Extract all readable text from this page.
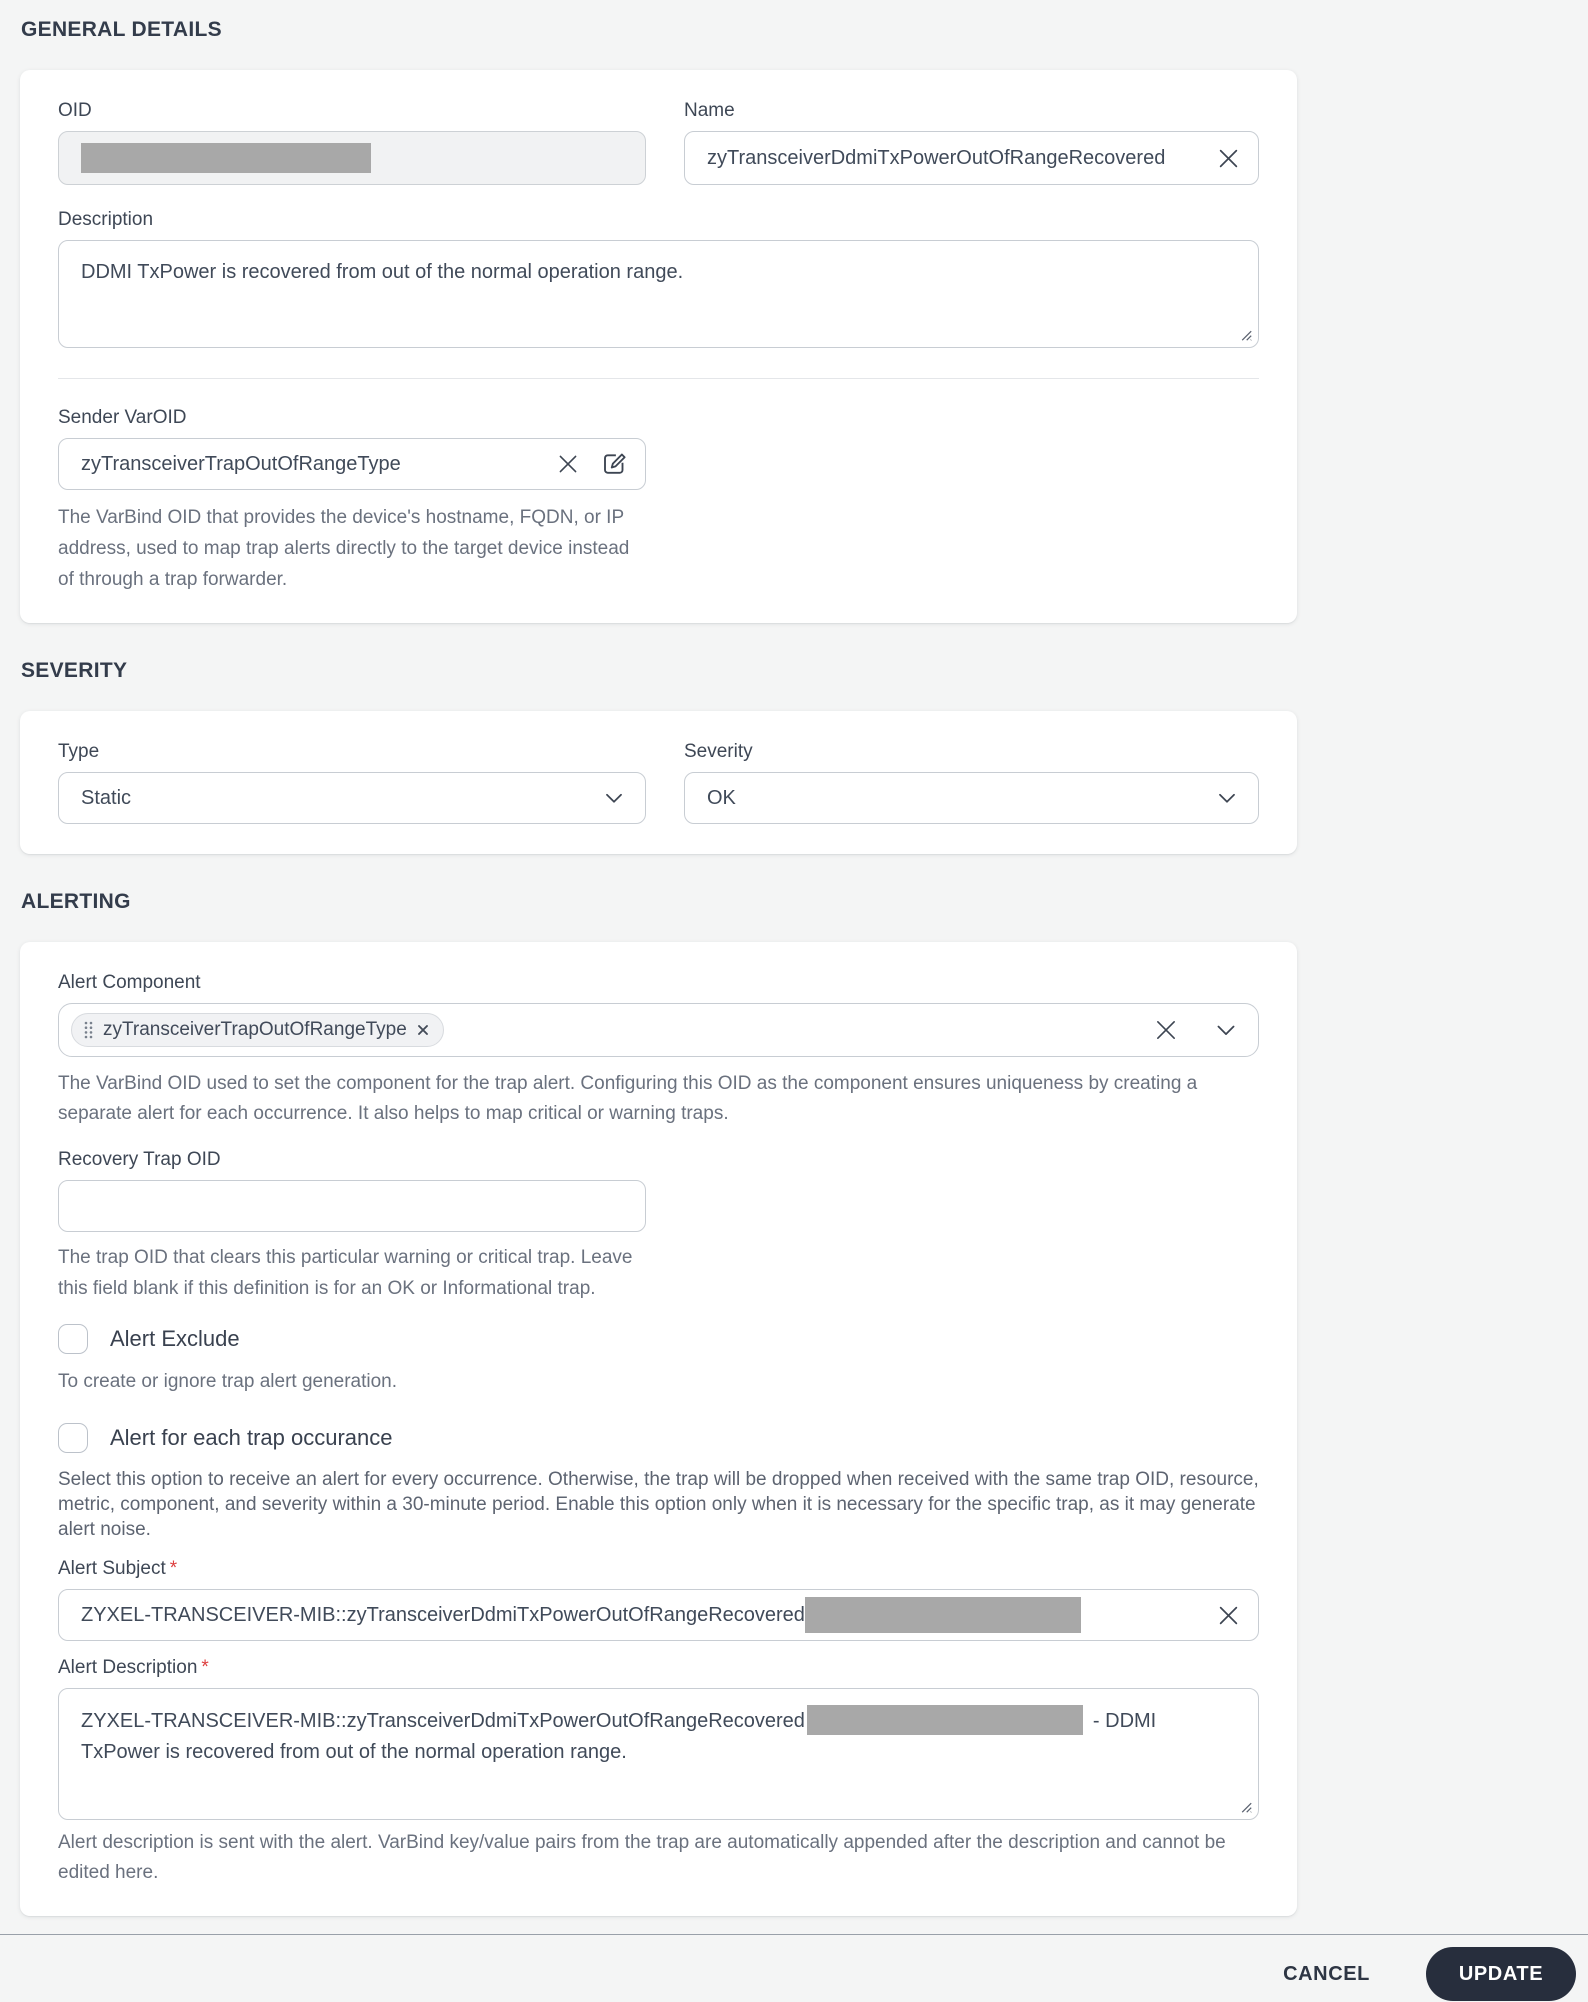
GENERAL DETAILS
OID	Name
zyTransceiverDdmiTxPowerOutOfRangeRecovered
Description
DDMI TxPower is recovered from out of the normal operation range.
Sender VarOID
zyTransceiverTrapOutOfRangeType
The VarBind OID that provides the device's hostname, FQDN, or IP address, used to map trap alerts directly to the target device instead of through a trap forwarder.
SEVERITY
Type
Static
Severity
OK
ALERTING
Alert Component
zyTransceiverTrapOutOfRangeType
The VarBind OID used to set the component for the trap alert. Configuring this OID as the component ensures uniqueness by creating a separate alert for each occurrence. It also helps to map critical or warning traps.
Recovery Trap OID
The trap OID that clears this particular warning or critical trap. Leave this field blank if this definition is for an OK or Informational trap.
Alert Exclude
To create or ignore trap alert generation.
Alert for each trap occurance
Select this option to receive an alert for every occurrence. Otherwise, the trap will be dropped when received with the same trap OID, resource, metric, component, and severity within a 30-minute period. Enable this option only when it is necessary for the specific trap, as it may generate alert noise.
Alert Subject *
ZYXEL-TRANSCEIVER-MIB::zyTransceiverDdmiTxPowerOutOfRangeRecovered
Alert Description *
ZYXEL-TRANSCEIVER-MIB::zyTransceiverDdmiTxPowerOutOfRangeRecovered	- DDMI TxPower is recovered from out of the normal operation range.
Alert description is sent with the alert. VarBind key/value pairs from the trap are automatically appended after the description and cannot be edited here.
CANCEL	UPDATE
